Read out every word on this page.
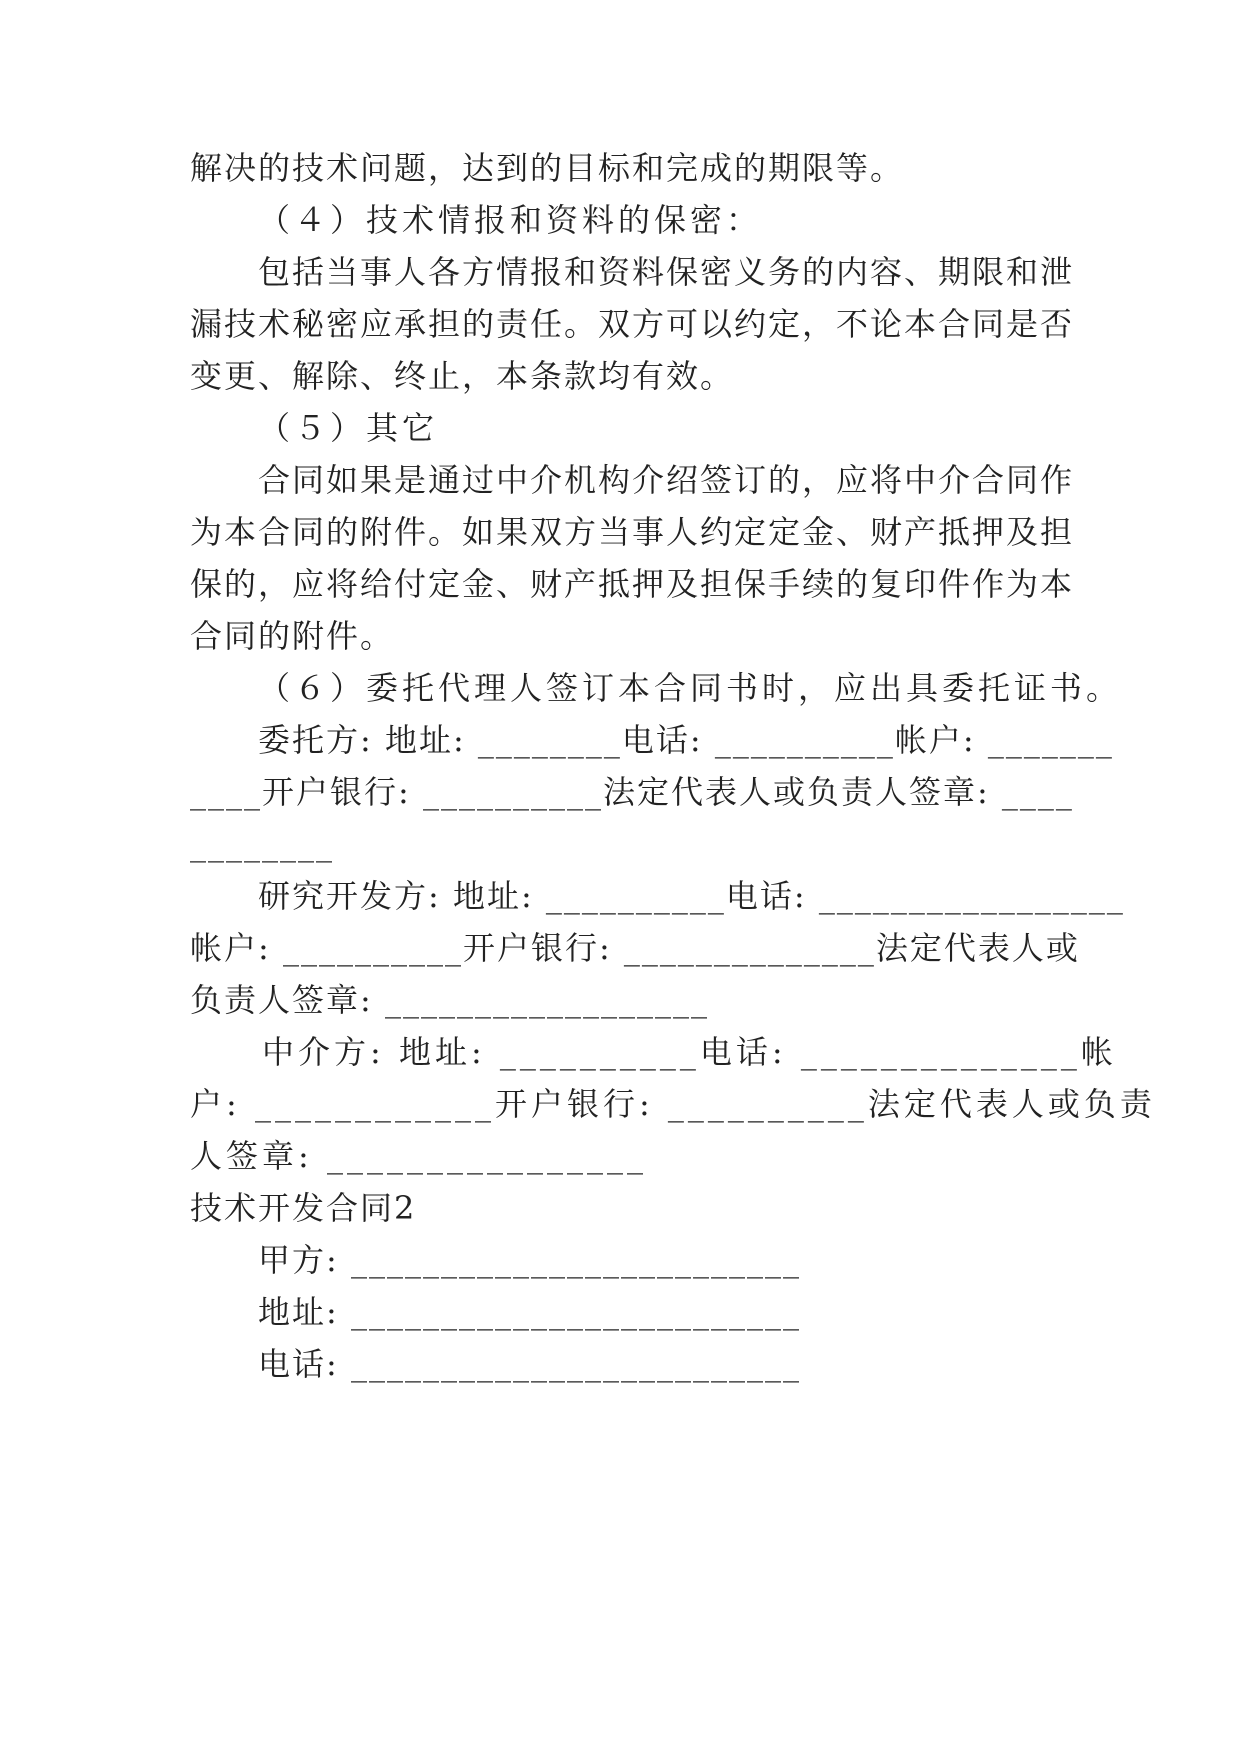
解决的技术问题，达到的目标和完成的期限等。
（４）技术情报和资料的保密：
包括当事人各方情报和资料保密义务的内容、期限和泄
漏技术秘密应承担的责任。双方可以约定，不论本合同是否
变更、解除、终止，本条款均有效。
（５）其它
合同如果是通过中介机构介绍签订的，应将中介合同作
为本合同的附件。如果双方当事人约定定金、财产抵押及担
保的，应将给付定金、财产抵押及担保手续的复印件作为本
合同的附件。
（６）委托代理人签订本合同书时，应出具委托证书。
委托方: 地址: ________电话: __________帐户: _______
____开户银行: __________法定代表人或负责人签章: ____
________
研究开发方: 地址: __________电话: _________________
帐户: __________开户银行: ______________法定代表人或
负责人签章: __________________
中介方: 地址: __________电话: ______________帐
户: ____________开户银行: __________法定代表人或负责
人签章: ________________
技术开发合同2
甲方: _________________________
地址: _________________________
电话: _________________________
